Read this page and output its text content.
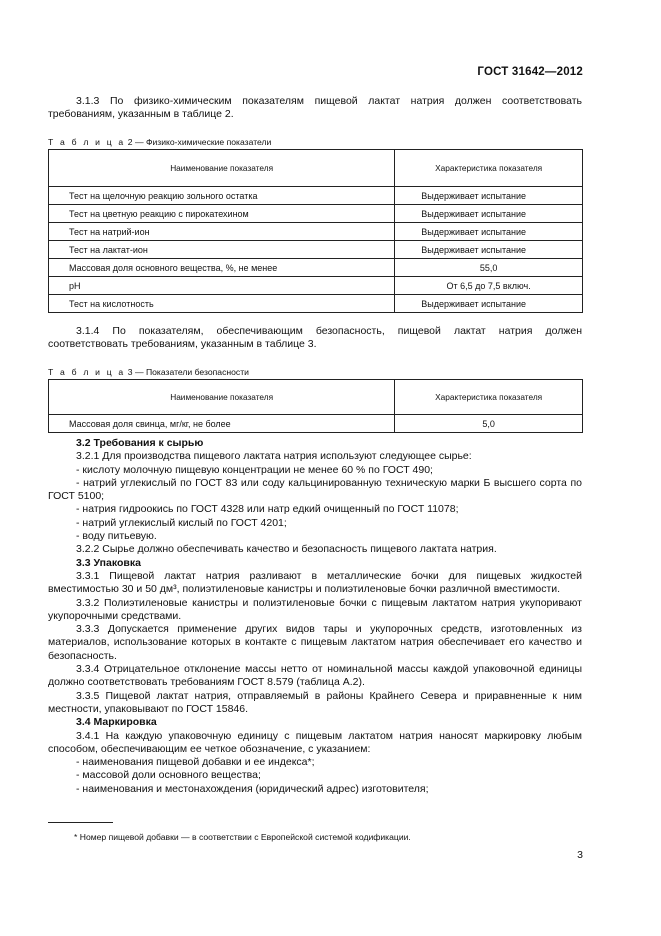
ГОСТ 31642—2012
3.1.3 По физико-химическим показателям пищевой лактат натрия должен соответствовать требованиям, указанным в таблице 2.
Т а б л и ц а 2 — Физико-химические показатели
Наименование показателя	Характеристика показателя
Тест на щелочную реакцию зольного остатка	Выдерживает испытание
Тест на цветную реакцию с пирокатехином	Выдерживает испытание
Тест на натрий-ион	Выдерживает испытание
Тест на лактат-ион	Выдерживает испытание
Массовая доля основного вещества, %, не менее	55,0
pH	От 6,5 до 7,5 включ.
Тест на кислотность	Выдерживает испытание
3.1.4 По показателям, обеспечивающим безопасность, пищевой лактат натрия должен соответствовать требованиям, указанным в таблице 3.
Т а б л и ц а 3 — Показатели безопасности
Наименование показателя	Характеристика показателя
Массовая доля свинца, мг/кг, не более	5,0
3.2 Требования к сырью
3.2.1 Для производства пищевого лактата натрия используют следующее сырье:
- кислоту молочную пищевую концентрации не менее 60 % по ГОСТ 490;
- натрий углекислый по ГОСТ 83 или соду кальцинированную техническую марки Б высшего сорта по ГОСТ 5100;
- натрия гидроокись по ГОСТ 4328 или натр едкий очищенный по ГОСТ 11078;
- натрий углекислый кислый по ГОСТ 4201;
- воду питьевую.
3.2.2 Сырье должно обеспечивать качество и безопасность пищевого лактата натрия.
3.3 Упаковка
3.3.1 Пищевой лактат натрия разливают в металлические бочки для пищевых жидкостей вместимостью 30 и 50 дм³, полиэтиленовые канистры и полиэтиленовые бочки различной вместимости.
3.3.2 Полиэтиленовые канистры и полиэтиленовые бочки с пищевым лактатом натрия укупоривают укупорочными средствами.
3.3.3 Допускается применение других видов тары и укупорочных средств, изготовленных из материалов, использование которых в контакте с пищевым лактатом натрия обеспечивает его качество и безопасность.
3.3.4 Отрицательное отклонение массы нетто от номинальной массы каждой упаковочной единицы должно соответствовать требованиям ГОСТ 8.579 (таблица А.2).
3.3.5 Пищевой лактат натрия, отправляемый в районы Крайнего Севера и приравненные к ним местности, упаковывают по ГОСТ 15846.
3.4 Маркировка
3.4.1 На каждую упаковочную единицу с пищевым лактатом натрия наносят маркировку любым способом, обеспечивающим ее четкое обозначение, с указанием:
- наименования пищевой добавки и ее индекса*;
- массовой доли основного вещества;
- наименования и местонахождения (юридический адрес) изготовителя;
* Номер пищевой добавки — в соответствии с Европейской системой кодификации.
3
